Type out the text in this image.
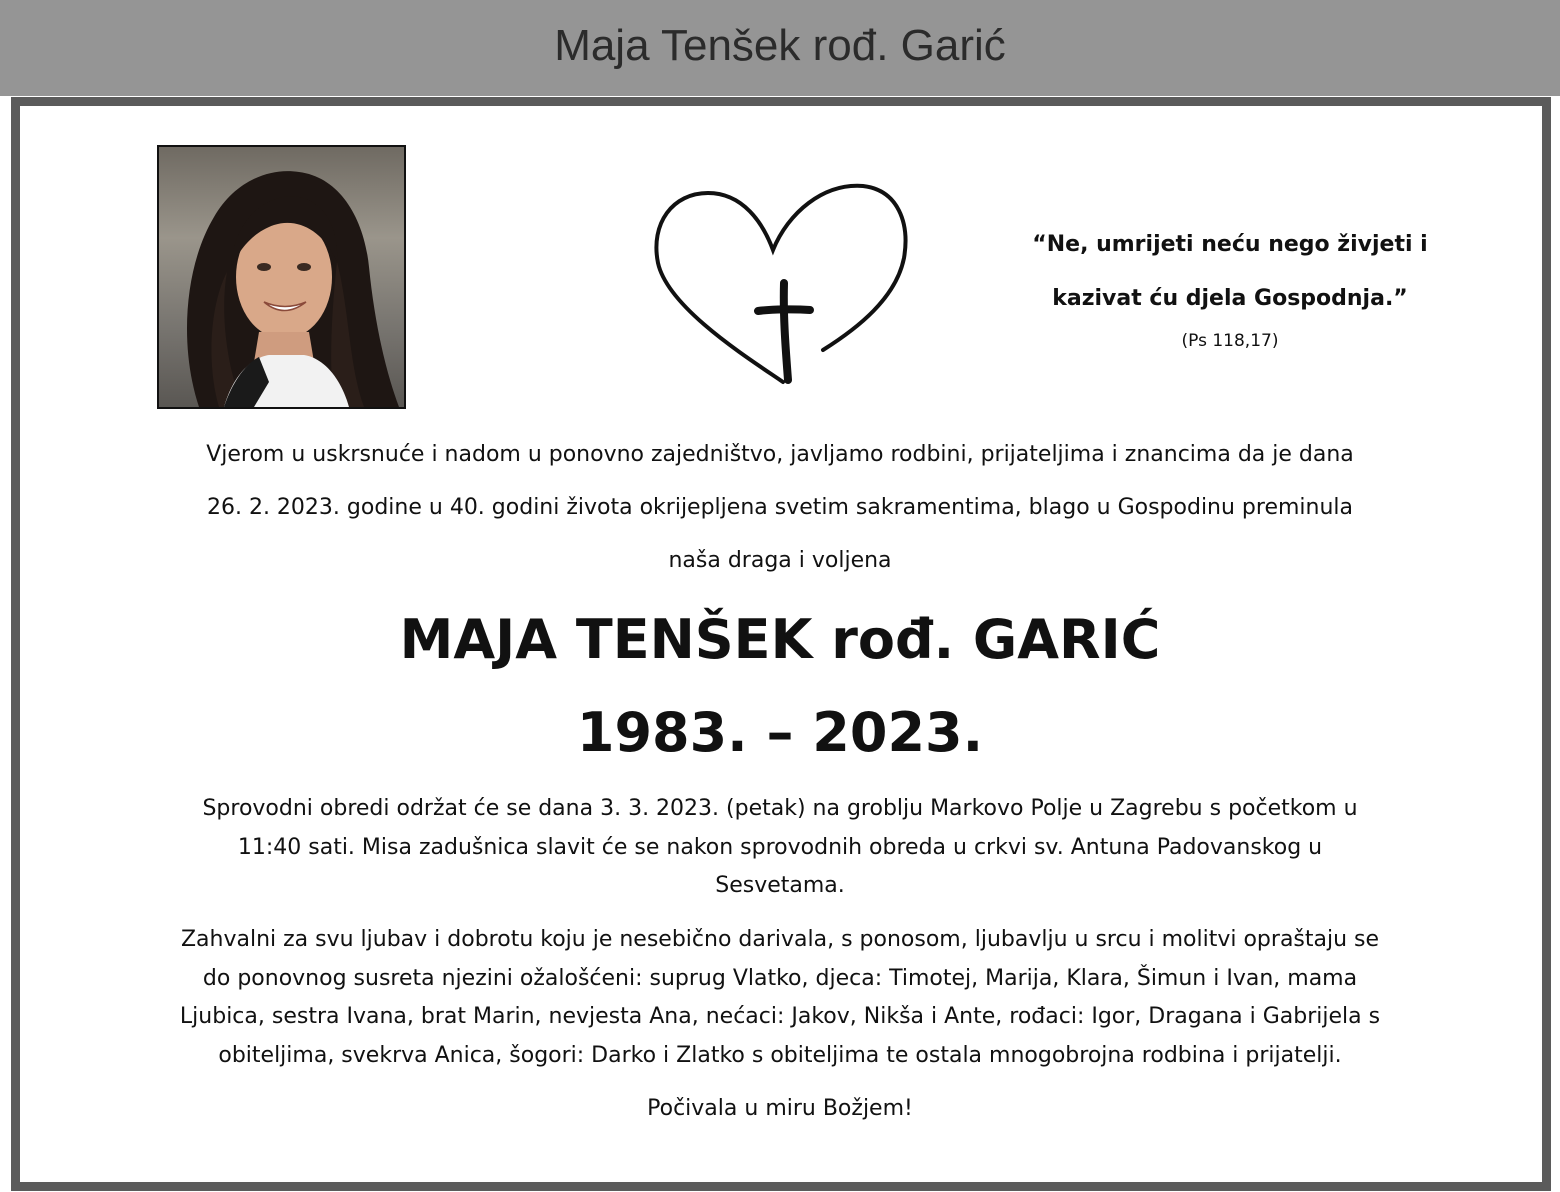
Maja Tenšek rođ. Garić
“Ne, umrijeti neću nego živjeti i
kazivat ću djela Gospodnja.”
(Ps 118,17)
Vjerom u uskrsnuće i nadom u ponovno zajedništvo, javljamo rodbini, prijateljima i znancima da je dana
26. 2. 2023. godine u 40. godini života okrijepljena svetim sakramentima, blago u Gospodinu preminula
naša draga i voljena
MAJA TENŠEK rođ. GARIĆ
1983. – 2023.
Sprovodni obredi održat će se dana 3. 3. 2023. (petak) na groblju Markovo Polje u Zagrebu s početkom u
11:40 sati. Misa zadušnica slavit će se nakon sprovodnih obreda u crkvi sv. Antuna Padovanskog u
Sesvetama.
Zahvalni za svu ljubav i dobrotu koju je nesebično darivala, s ponosom, ljubavlju u srcu i molitvi opraštaju se
do ponovnog susreta njezini ožalošćeni: suprug Vlatko, djeca: Timotej, Marija, Klara, Šimun i Ivan, mama
Ljubica, sestra Ivana, brat Marin, nevjesta Ana, nećaci: Jakov, Nikša i Ante, rođaci: Igor, Dragana i Gabrijela s
obiteljima, svekrva Anica, šogori: Darko i Zlatko s obiteljima te ostala mnogobrojna rodbina i prijatelji.
Počivala u miru Božjem!
